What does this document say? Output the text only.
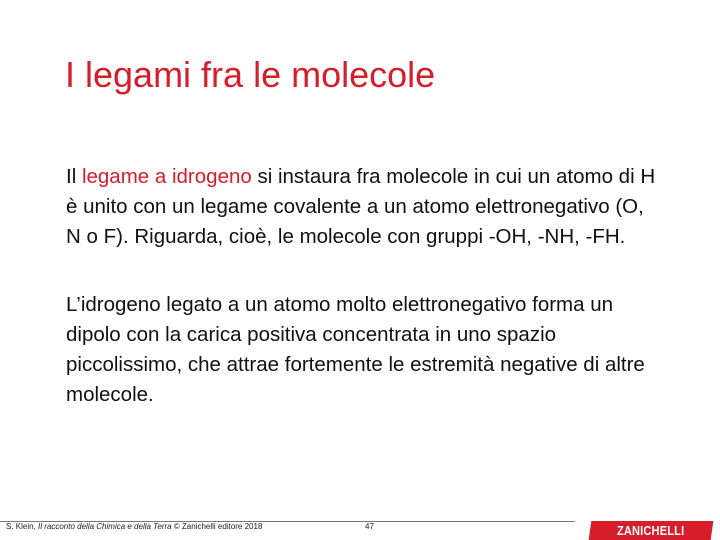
I legami fra le molecole

Il legame a idrogeno si instaura fra molecole in cui un atomo di H è unito con un legame covalente a un atomo elettronegativo (O, N o F). Riguarda, cioè, le molecole con gruppi -OH, -NH, -FH.

L’idrogeno legato a un atomo molto elettronegativo forma un dipolo con la carica positiva concentrata in uno spazio piccolissimo, che attrae fortemente le estremità negative di altre molecole.

S. Klein, Il racconto della Chimica e della Terra © Zanichelli editore 2018	47	ZANICHELLI
